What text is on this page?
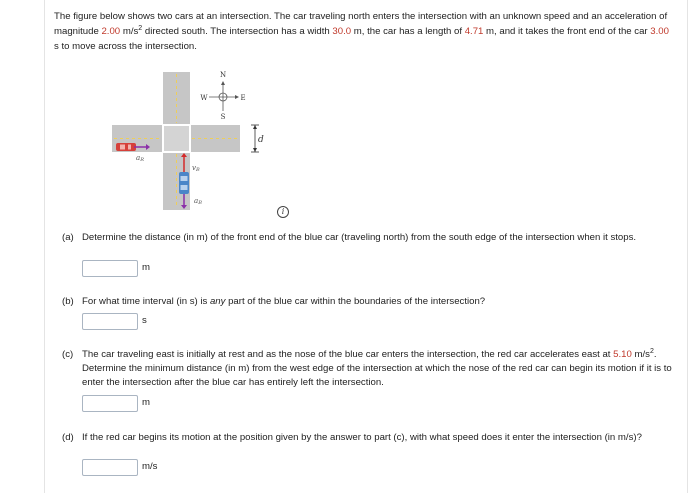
The figure below shows two cars at an intersection. The car traveling north enters the intersection with an unknown speed and an acceleration of magnitude 2.00 $m/s^2$ directed south. The intersection has a width 30.0 m, the car has a length of 4.71 m, and it takes the front end of the car 3.00 s to move across the intersection.
N
S
W	E
d
aR
vB
aB
i
(a) Determine the distance (in m) of the front end of the blue car (traveling north) from the south edge of the intersection when it stops.
m
(b) For what time interval (in s) is any part of the blue car within the boundaries of the intersection?
s
(c) The car traveling east is initially at rest and as the nose of the blue car enters the intersection, the red car accelerates east at 5.10 $m/s^2$. Determine the minimum distance (in m) from the west edge of the intersection at which the nose of the red car can begin its motion if it is to enter the intersection after the blue car has entirely left the intersection.
m
(d) If the red car begins its motion at the position given by the answer to part (c), with what speed does it enter the intersection (in m/s)?
m/s
